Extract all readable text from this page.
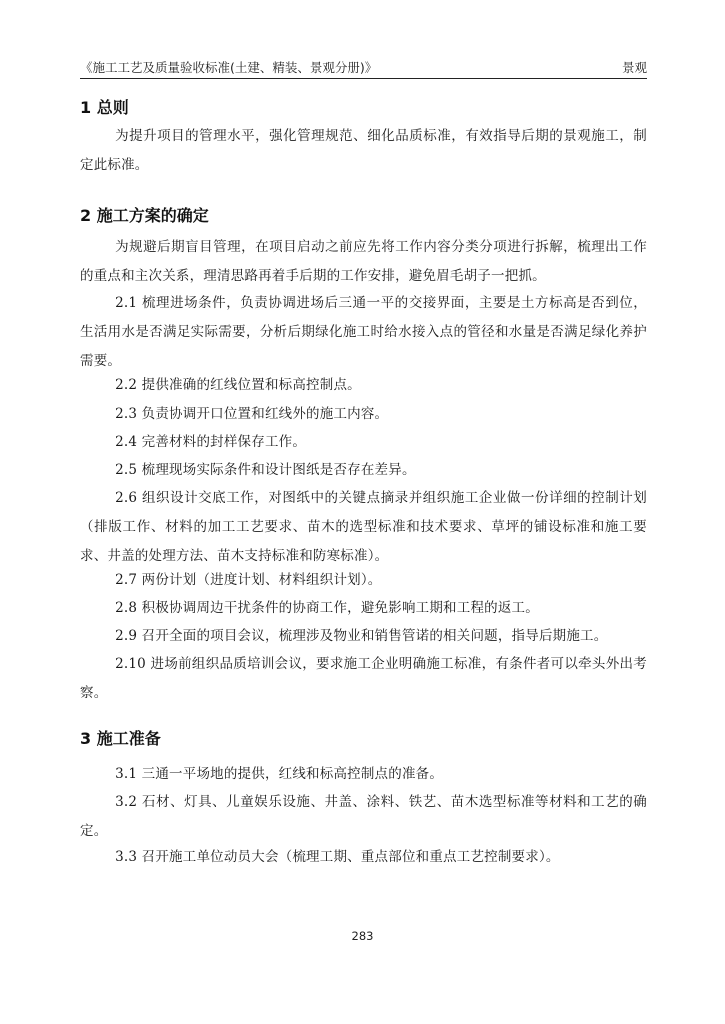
《施工工艺及质量验收标准(土建、精装、景观分册)》	景观
1 总则
为提升项目的管理水平，强化管理规范、细化品质标准，有效指导后期的景观施工，制定此标准。
2 施工方案的确定
为规避后期盲目管理，在项目启动之前应先将工作内容分类分项进行拆解，梳理出工作的重点和主次关系，理清思路再着手后期的工作安排，避免眉毛胡子一把抓。
2.1 梳理进场条件，负责协调进场后三通一平的交接界面，主要是土方标高是否到位，生活用水是否满足实际需要，分析后期绿化施工时给水接入点的管径和水量是否满足绿化养护需要。
2.2 提供准确的红线位置和标高控制点。
2.3 负责协调开口位置和红线外的施工内容。
2.4 完善材料的封样保存工作。
2.5 梳理现场实际条件和设计图纸是否存在差异。
2.6 组织设计交底工作，对图纸中的关键点摘录并组织施工企业做一份详细的控制计划（排版工作、材料的加工工艺要求、苗木的选型标准和技术要求、草坪的铺设标准和施工要求、井盖的处理方法、苗木支持标准和防寒标准）。
2.7 两份计划（进度计划、材料组织计划）。
2.8 积极协调周边干扰条件的协商工作，避免影响工期和工程的返工。
2.9 召开全面的项目会议，梳理涉及物业和销售管诺的相关问题，指导后期施工。
2.10 进场前组织品质培训会议，要求施工企业明确施工标准，有条件者可以牵头外出考察。
3 施工准备
3.1 三通一平场地的提供，红线和标高控制点的准备。
3.2 石材、灯具、儿童娱乐设施、井盖、涂料、铁艺、苗木选型标准等材料和工艺的确定。
3.3 召开施工单位动员大会（梳理工期、重点部位和重点工艺控制要求）。
283
